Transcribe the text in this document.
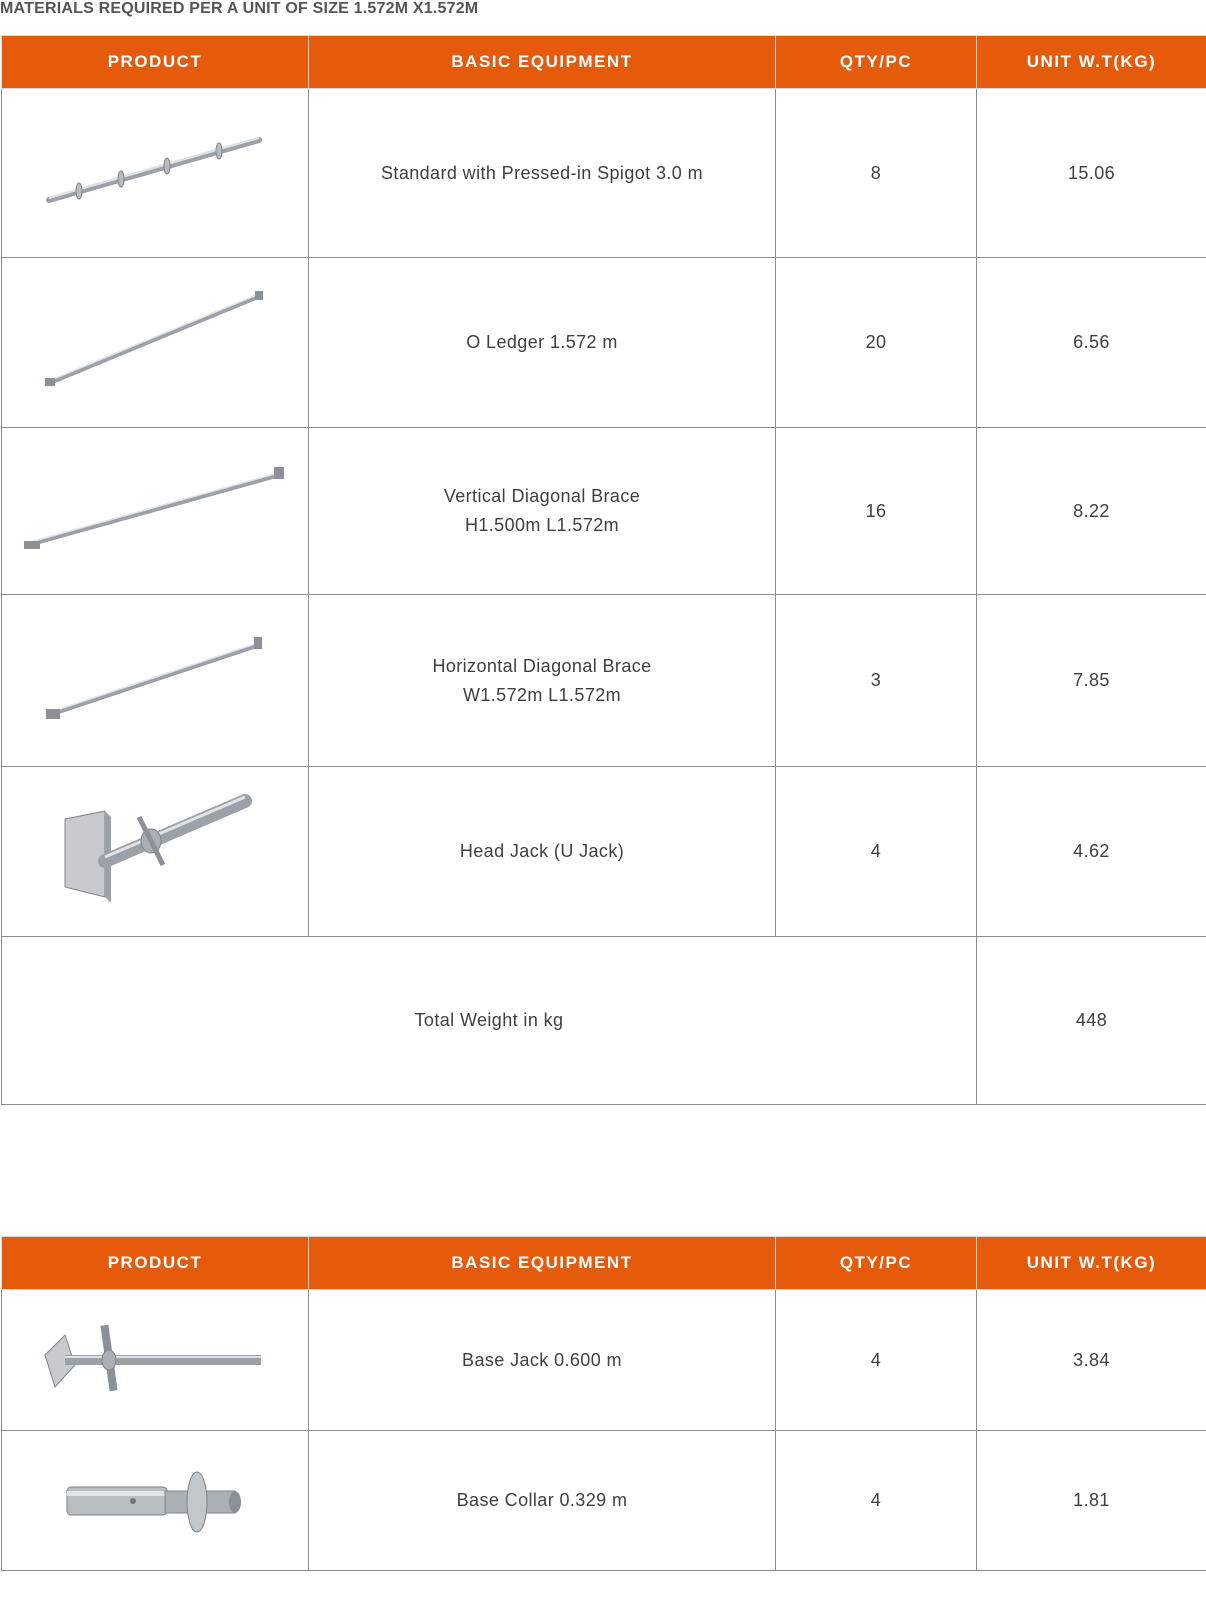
MATERIALS REQUIRED PER A UNIT OF SIZE 1.572M X1.572M
PRODUCT	BASIC EQUIPMENT	QTY/PC	UNIT W.T(KG)

Standard with Pressed-in Spigot 3.0 m	8	15.06

O Ledger 1.572 m	20	6.56

Vertical Diagonal Brace
H1.500m L1.572m	16	8.22

Horizontal Diagonal Brace
W1.572m L1.572m	3	7.85

Head Jack (U Jack)	4	4.62
Total Weight in kg			448
PRODUCT	BASIC EQUIPMENT	QTY/PC	UNIT W.T(KG)

Base Jack 0.600 m	4	3.84

Base Collar 0.329 m	4	1.81
